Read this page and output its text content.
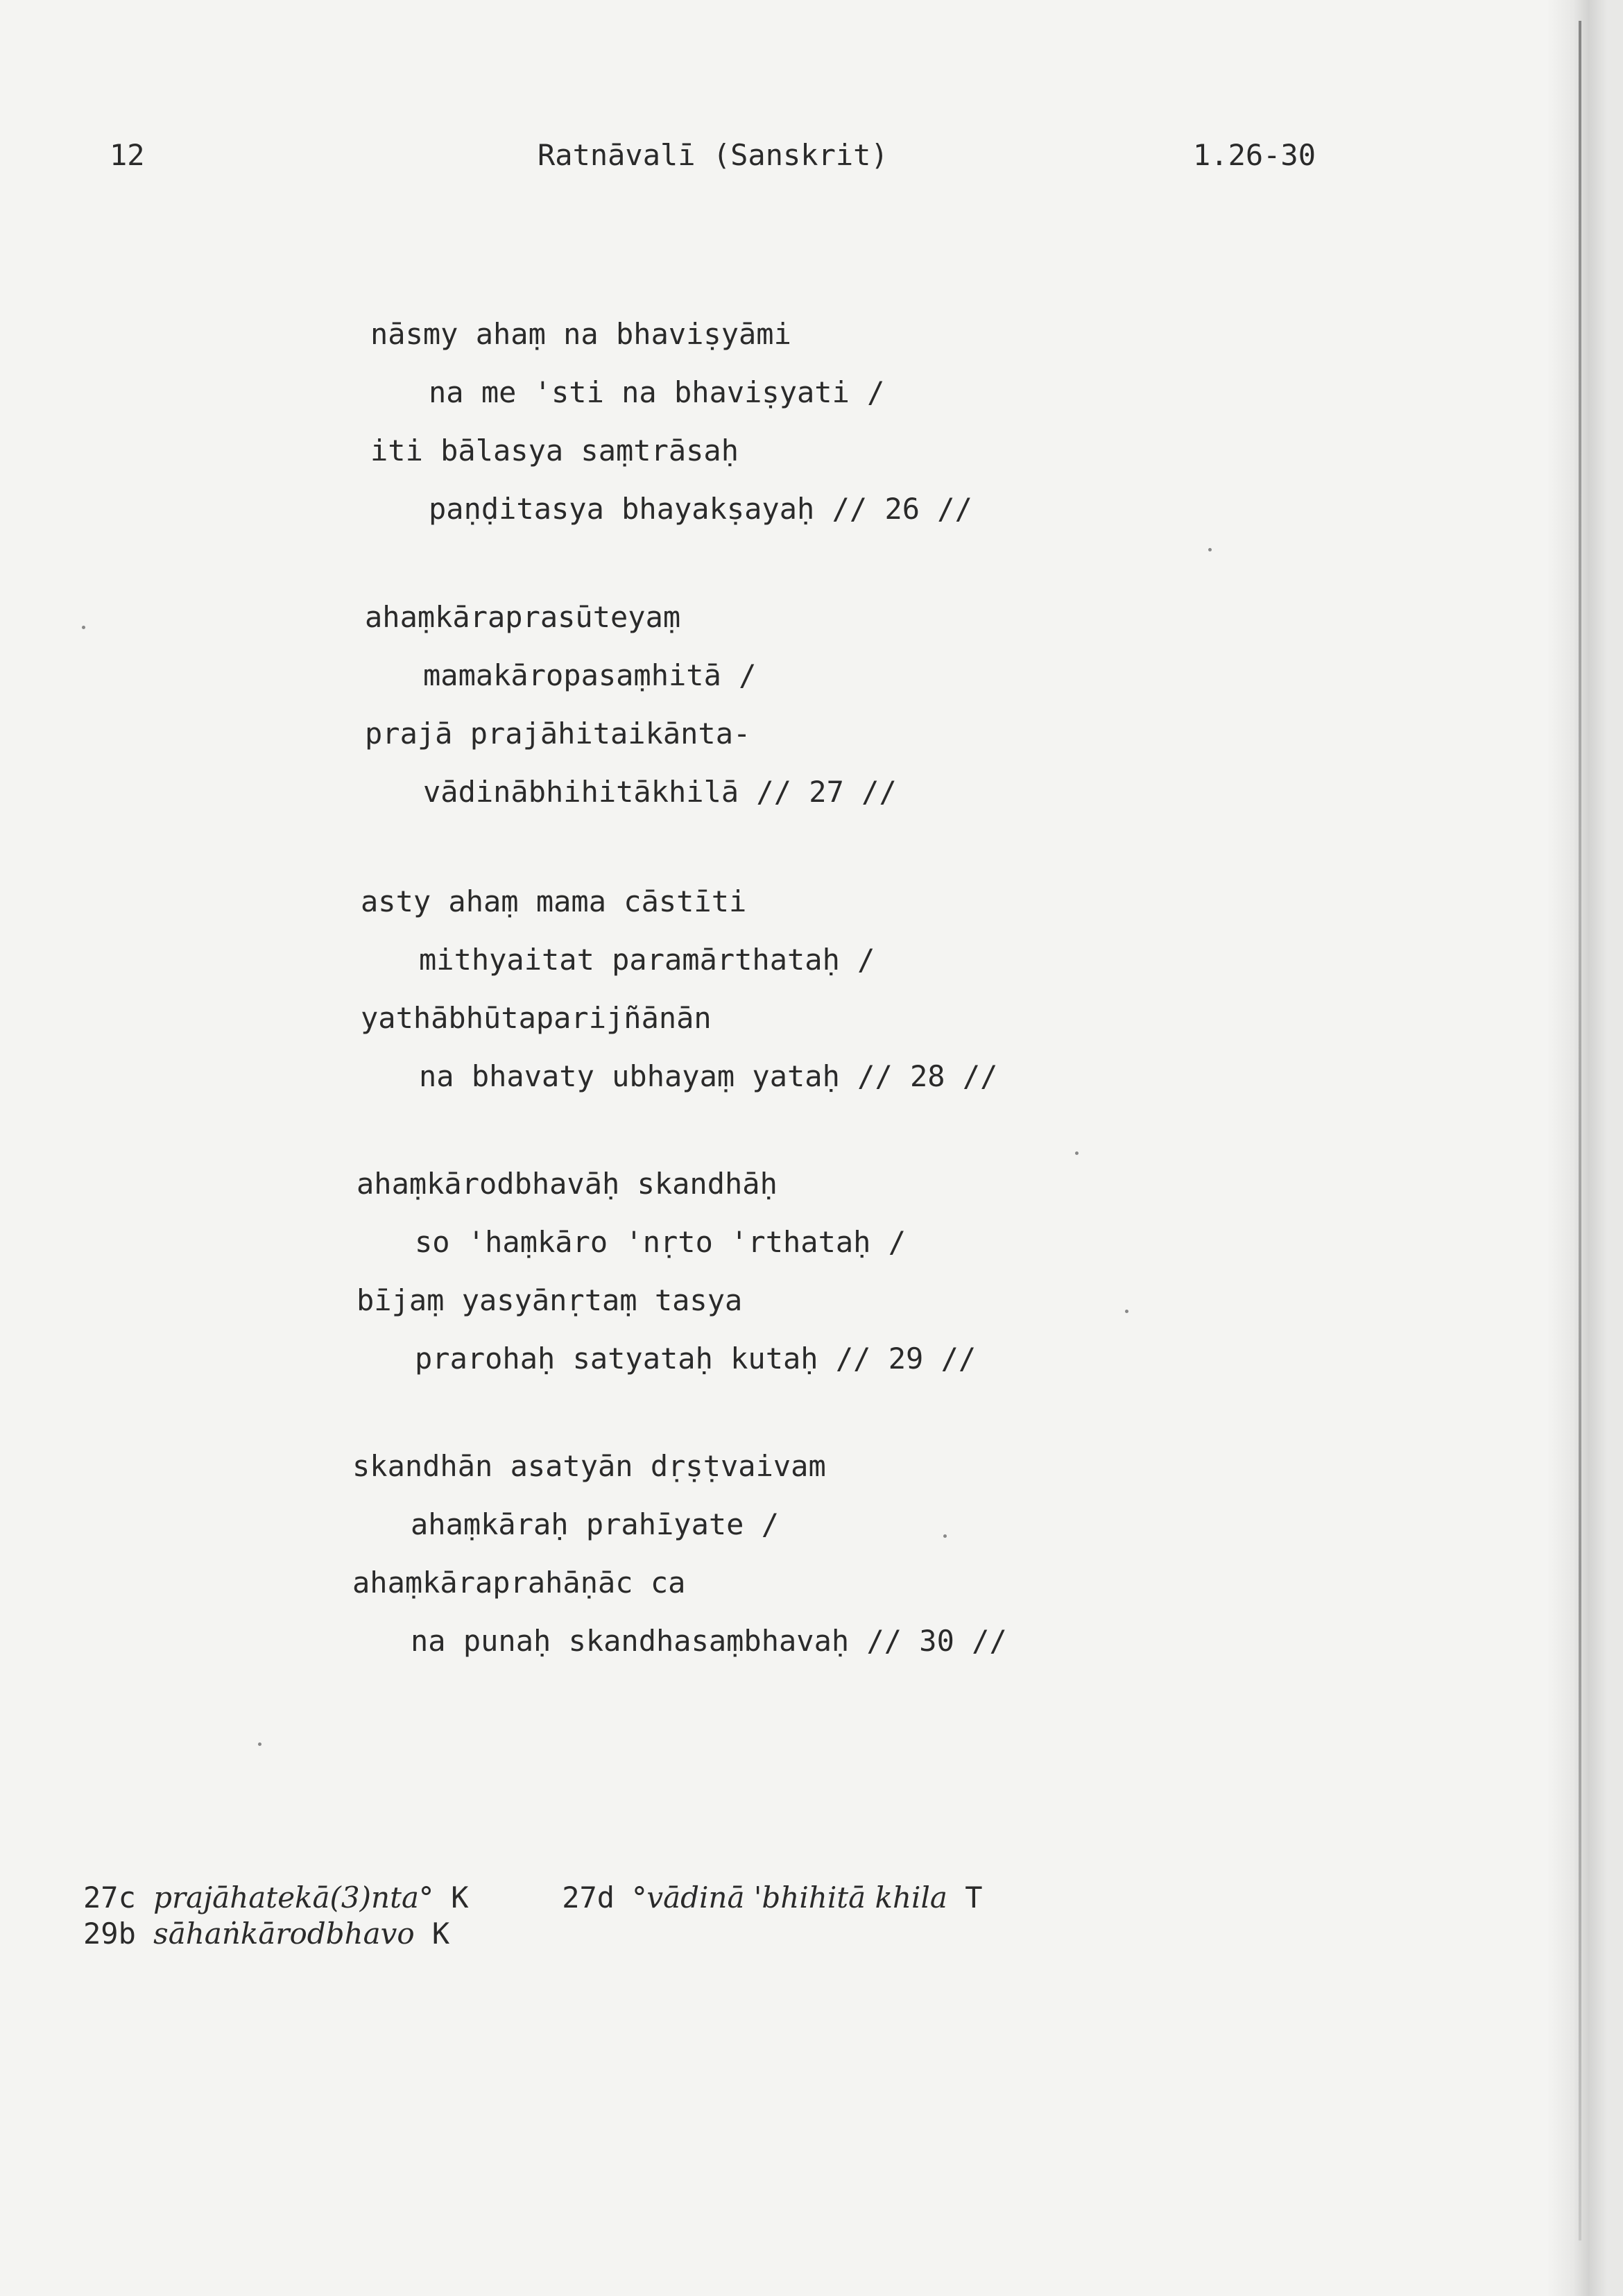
12	Ratnāvalī (Sanskrit)	1.26-30
nāsmy ahaṃ na bhaviṣyāmi
na me 'sti na bhaviṣyati /
iti bālasya saṃtrāsaḥ
paṇḍitasya bhayakṣayaḥ // 26 //
ahaṃkāraprasūteyaṃ
mamakāropasaṃhitā /
prajā prajāhitaikānta-
vādinābhihitākhilā // 27 //
asty ahaṃ mama cāstīti
mithyaitat paramārthataḥ /
yathābhūtaparijñānān
na bhavaty ubhayaṃ yataḥ // 28 //
ahaṃkārodbhavāḥ skandhāḥ
so 'haṃkāro 'nṛto 'rthataḥ /
bījaṃ yasyānṛtaṃ tasya
prarohaḥ satyataḥ kutaḥ // 29 //
skandhān asatyān dṛṣṭvaivam
ahaṃkāraḥ prahīyate /
ahaṃkāraprahāṇāc ca
na punaḥ skandhasaṃbhavaḥ // 30 //
27c prajāhatekā(3)nta° K	27d °vādinā 'bhihitā khila T
29b sāhaṅkārodbhavo K
